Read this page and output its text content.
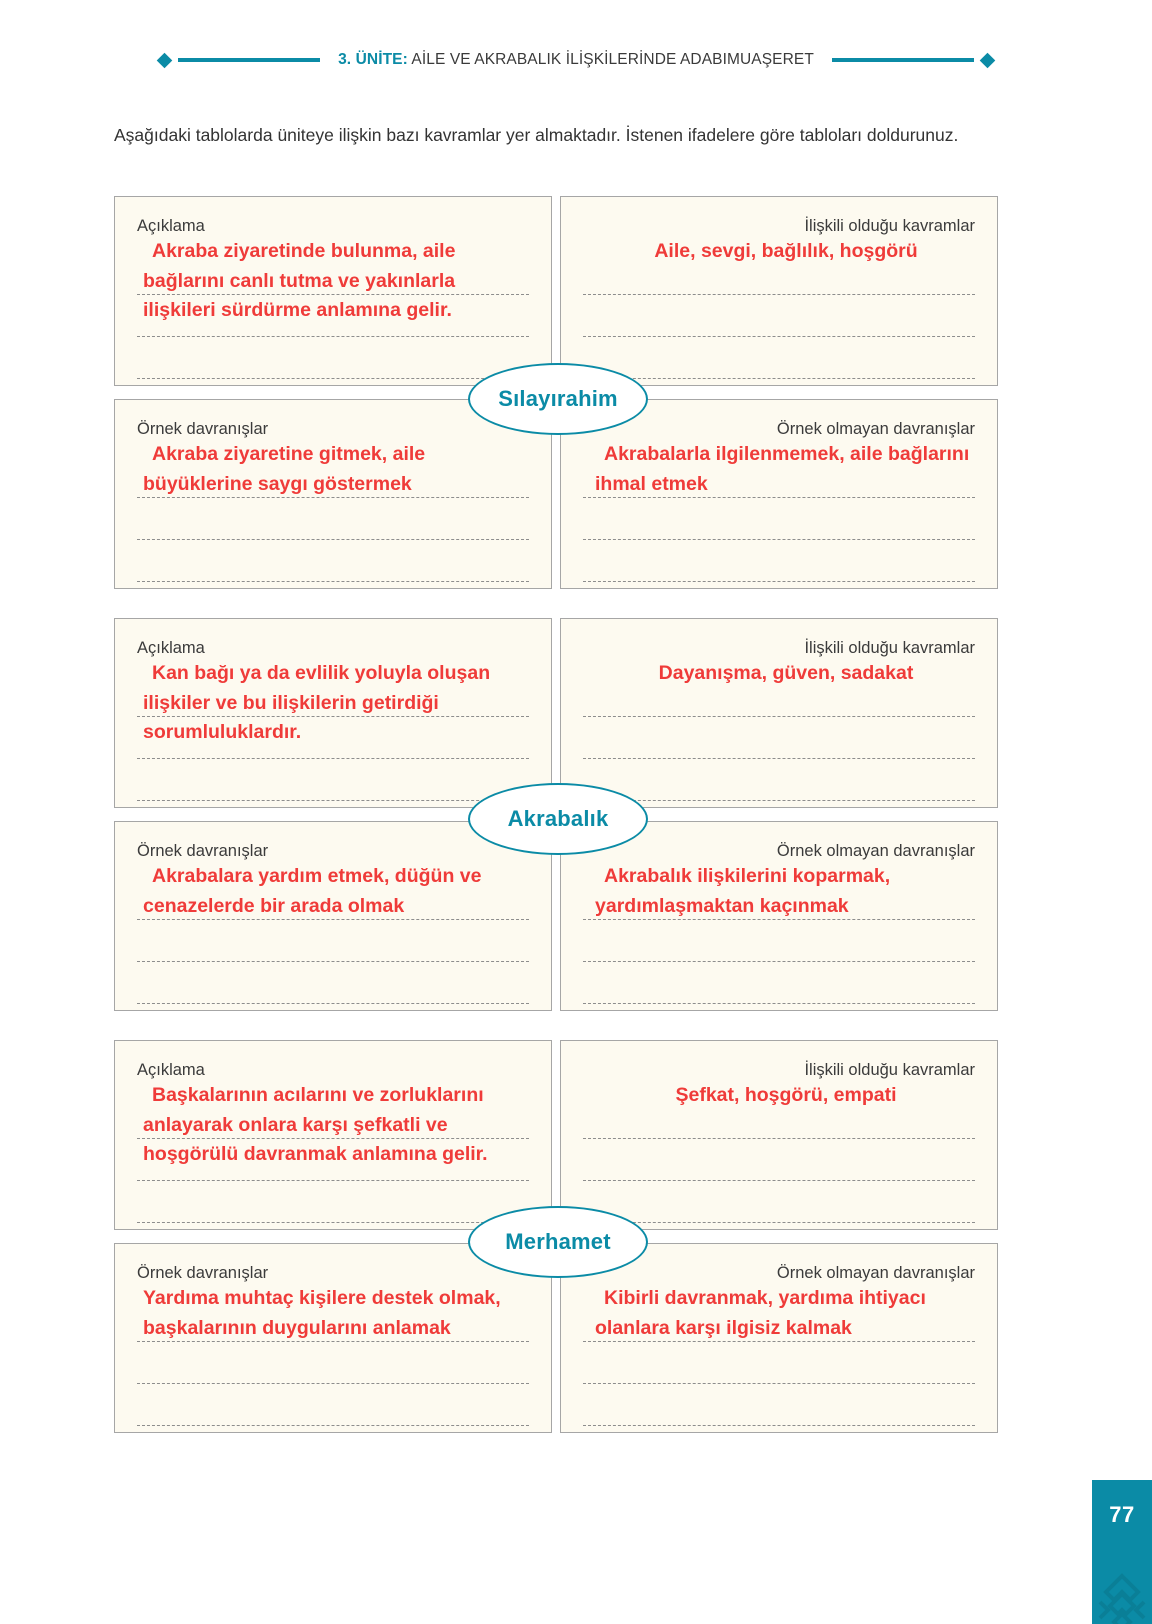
3. ÜNİTE: AİLE VE AKRABALIK İLİŞKİLERİNDE ADABIMUAŞERET
Aşağıdaki tablolarda üniteye ilişkin bazı kavramlar yer almaktadır. İstenen ifadelere göre tabloları doldurunuz.
Açıklama
Akraba ziyaretinde bulunma, aile bağlarını canlı tutma ve yakınlarla ilişkileri sürdürme anlamına gelir.
İlişkili olduğu kavramlar
Aile, sevgi, bağlılık, hoşgörü
Örnek davranışlar
Akraba ziyaretine gitmek, aile büyüklerine saygı göstermek
Örnek olmayan davranışlar
Akrabalarla ilgilenmemek, aile bağlarını ihmal etmek
Sılayırahim
Açıklama
Kan bağı ya da evlilik yoluyla oluşan ilişkiler ve bu ilişkilerin getirdiği sorumluluklardır.
İlişkili olduğu kavramlar
Dayanışma, güven, sadakat
Örnek davranışlar
Akrabalara yardım etmek, düğün ve cenazelerde bir arada olmak
Örnek olmayan davranışlar
Akrabalık ilişkilerini koparmak, yardımlaşmaktan kaçınmak
Akrabalık
Açıklama
Başkalarının acılarını ve zorluklarını anlayarak onlara karşı şefkatli ve hoşgörülü davranmak anlamına gelir.
İlişkili olduğu kavramlar
Şefkat, hoşgörü, empati
Örnek davranışlar
Yardıma muhtaç kişilere destek olmak, başkalarının duygularını anlamak
Örnek olmayan davranışlar
Kibirli davranmak, yardıma ihtiyacı olanlara karşı ilgisiz kalmak
Merhamet
77
